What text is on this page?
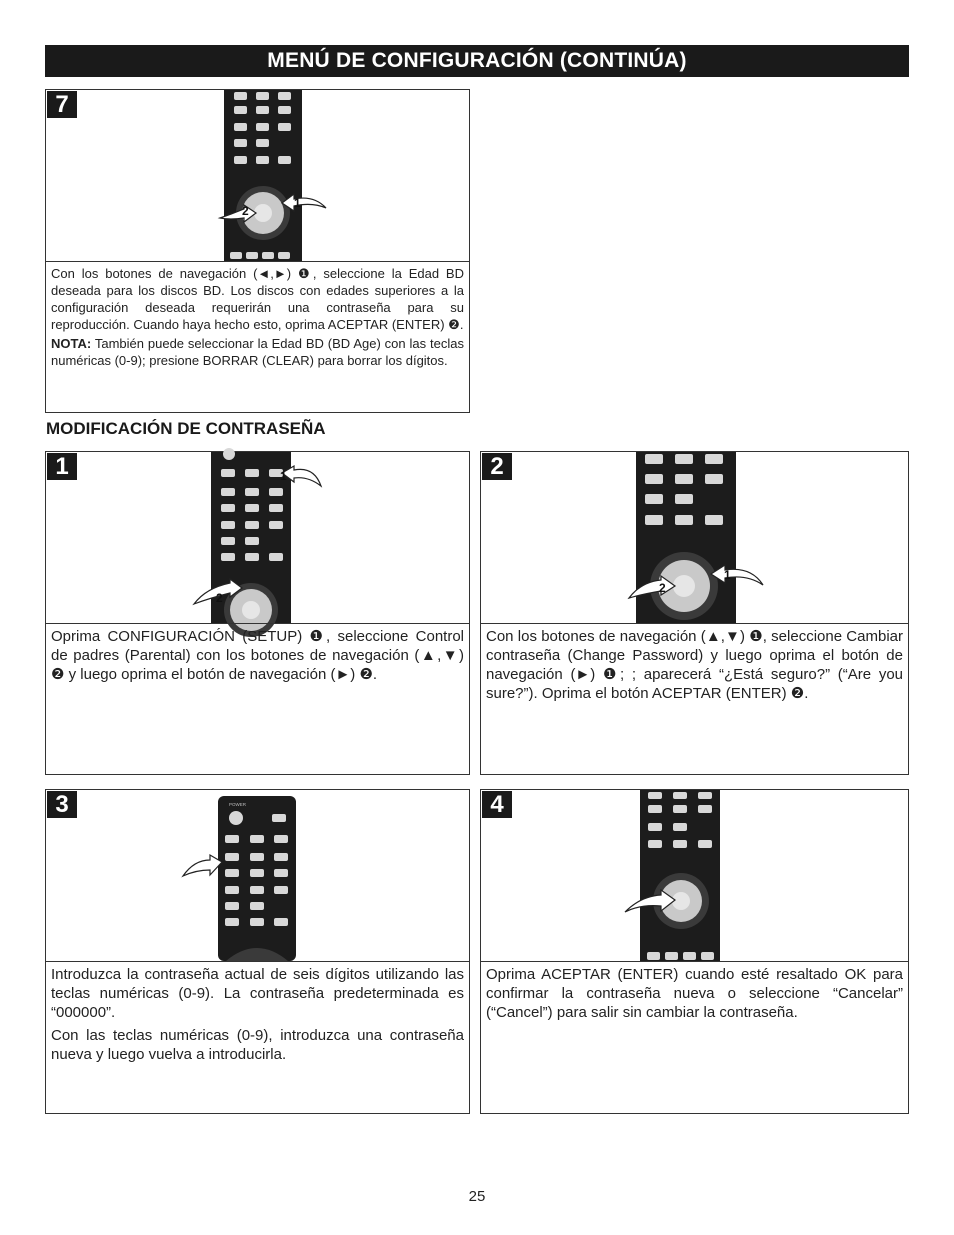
MENÚ DE CONFIGURACIÓN (CONTINÚA)
7
1
2

Con los botones de navegación (◄,►) ❶, seleccione la Edad BD deseada para los discos BD. Los discos con edades superiores a la configuración deseada requerirán una contraseña para su reproducción. Cuando haya hecho esto, oprima ACEPTAR (ENTER) ❷.

NOTA: También puede seleccionar la Edad BD (BD Age) con las teclas numéricas (0-9); presione BORRAR (CLEAR) para borrar los dígitos.

MODIFICACIÓN DE CONTRASEÑA
1	1
2
Oprima CONFIGURACIÓN (SETUP) ❶, seleccione Control de padres (Parental) con los botones de navegación (▲,▼) ❷ y luego oprima el botón de navegación (►) ❷.
2
1
2
Con los botones de navegación (▲,▼) ❶, seleccione Cambiar contraseña (Change Password) y luego oprima el botón de navegación (►) ❶; ; aparecerá “¿Está seguro?” (“Are you sure?”). Oprima el botón ACEPTAR (ENTER) ❷.
3	POWER

Introduzca la contraseña actual de seis dígitos utilizando las teclas numéricas (0-9). La contraseña predeterminada es “000000”.

Con las teclas numéricas (0-9), introduzca una contraseña nueva y luego vuelva a introducirla.

4
Oprima ACEPTAR (ENTER) cuando esté resaltado OK para confirmar la contraseña nueva o seleccione “Cancelar” (“Cancel”) para salir sin cambiar la contraseña.
25
